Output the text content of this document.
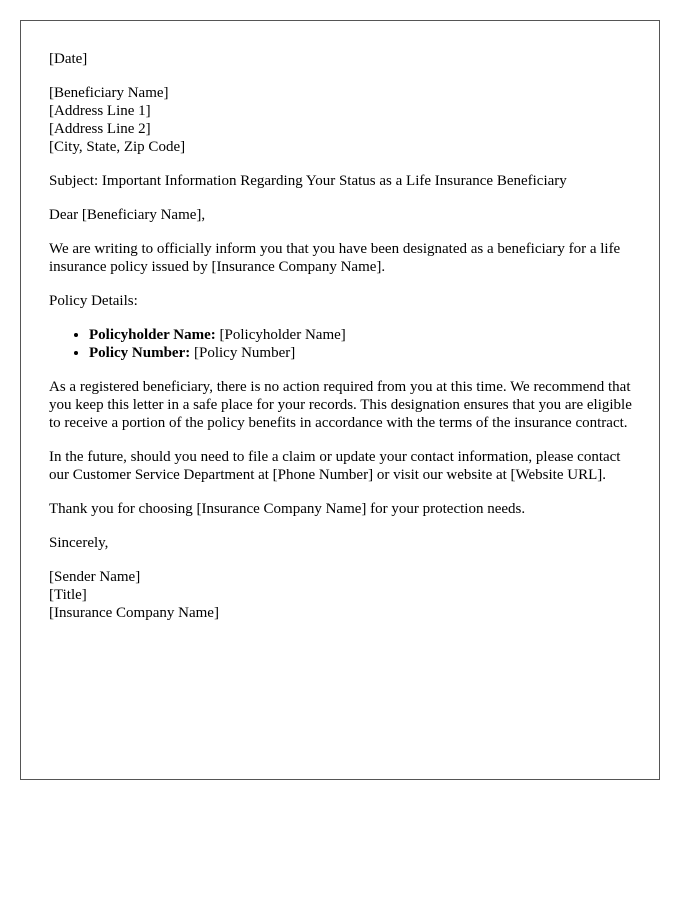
[Date]

[Beneficiary Name]

[Address Line 1]

[Address Line 2]

[City, State, Zip Code]

Subject: Important Information Regarding Your Status as a Life Insurance Beneficiary

Dear [Beneficiary Name],

We are writing to officially inform you that you have been designated as a beneficiary for a life insurance policy issued by [Insurance Company Name].

Policy Details:

• Policyholder Name: [Policyholder Name]
• Policy Number: [Policy Number]

As a registered beneficiary, there is no action required from you at this time. We recommend that you keep this letter in a safe place for your records. This designation ensures that you are eligible to receive a portion of the policy benefits in accordance with the terms of the insurance contract.

In the future, should you need to file a claim or update your contact information, please contact our Customer Service Department at [Phone Number] or visit our website at [Website URL].

Thank you for choosing [Insurance Company Name] for your protection needs.

Sincerely,

[Sender Name]

[Title]

[Insurance Company Name]
